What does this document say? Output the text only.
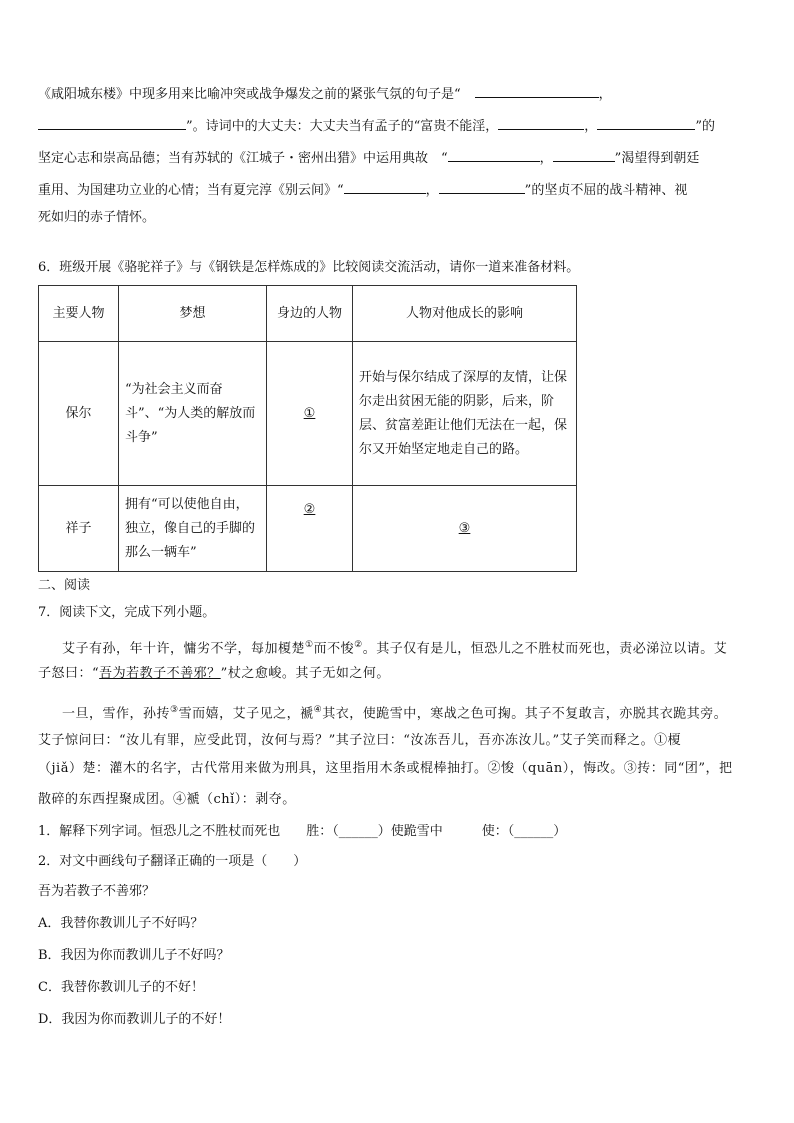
《咸阳城东楼》中现多用来比喻冲突或战争爆发之前的紧张气氛的句子是“	，
”。诗词中的大丈夫：大丈夫当有孟子的“富贵不能淫，	，	”的
坚定心志和崇高品德；当有苏轼的《江城子・密州出猎》中运用典故　“	，	”渴望得到朝廷
重用、为国建功立业的心情；当有夏完淳《别云间》“	，	”的坚贞不屈的战斗精神、视
死如归的赤子情怀。
6．班级开展《骆驼祥子》与《钢铁是怎样炼成的》比较阅读交流活动，请你一道来准备材料。
主要人物	梦想	身边的人物	人物对他成长的影响
保尔	“为社会主义而奋斗”、“为人类的解放而斗争”	①	开始与保尔结成了深厚的友情，让保尔走出贫困无能的阴影，后来，阶层、贫富差距让他们无法在一起，保尔又开始坚定地走自己的路。
祥子	拥有“可以使他自由，独立，像自己的手脚的那么一辆车”	②	③
二、阅读
7．阅读下文，完成下列小题。
艾子有孙，年十许，慵劣不学，每加榎楚①而不悛②。其子仅有是儿，恒恐儿之不胜杖而死也，责必涕泣以请。艾
子怒曰：“吾为若教子不善邪？”杖之愈峻。其子无如之何。
一旦，雪作，孙抟③雪而嬉，艾子见之，褫④其衣，使跪雪中，寒战之色可掬。其子不复敢言，亦脱其衣跪其旁。
艾子惊问曰：“汝儿有罪，应受此罚，汝何与焉？”其子泣曰：“汝冻吾儿，吾亦冻汝儿。”艾子笑而释之。①榎
（jiǎ）楚：灌木的名字，古代常用来做为刑具，这里指用木条或棍棒抽打。②悛（quān），悔改。③抟：同“团”，把
散碎的东西捏聚成团。④褫（chǐ）：剥夺。
1．解释下列字词。恒恐儿之不胜杖而死也　　胜：（______）使跪雪中　　　使：（______）
2．对文中画线句子翻译正确的一项是（　　）
吾为若教子不善邪？
A．我替你教训儿子不好吗？
B．我因为你而教训儿子不好吗？
C．我替你教训儿子的不好！
D．我因为你而教训儿子的不好！
